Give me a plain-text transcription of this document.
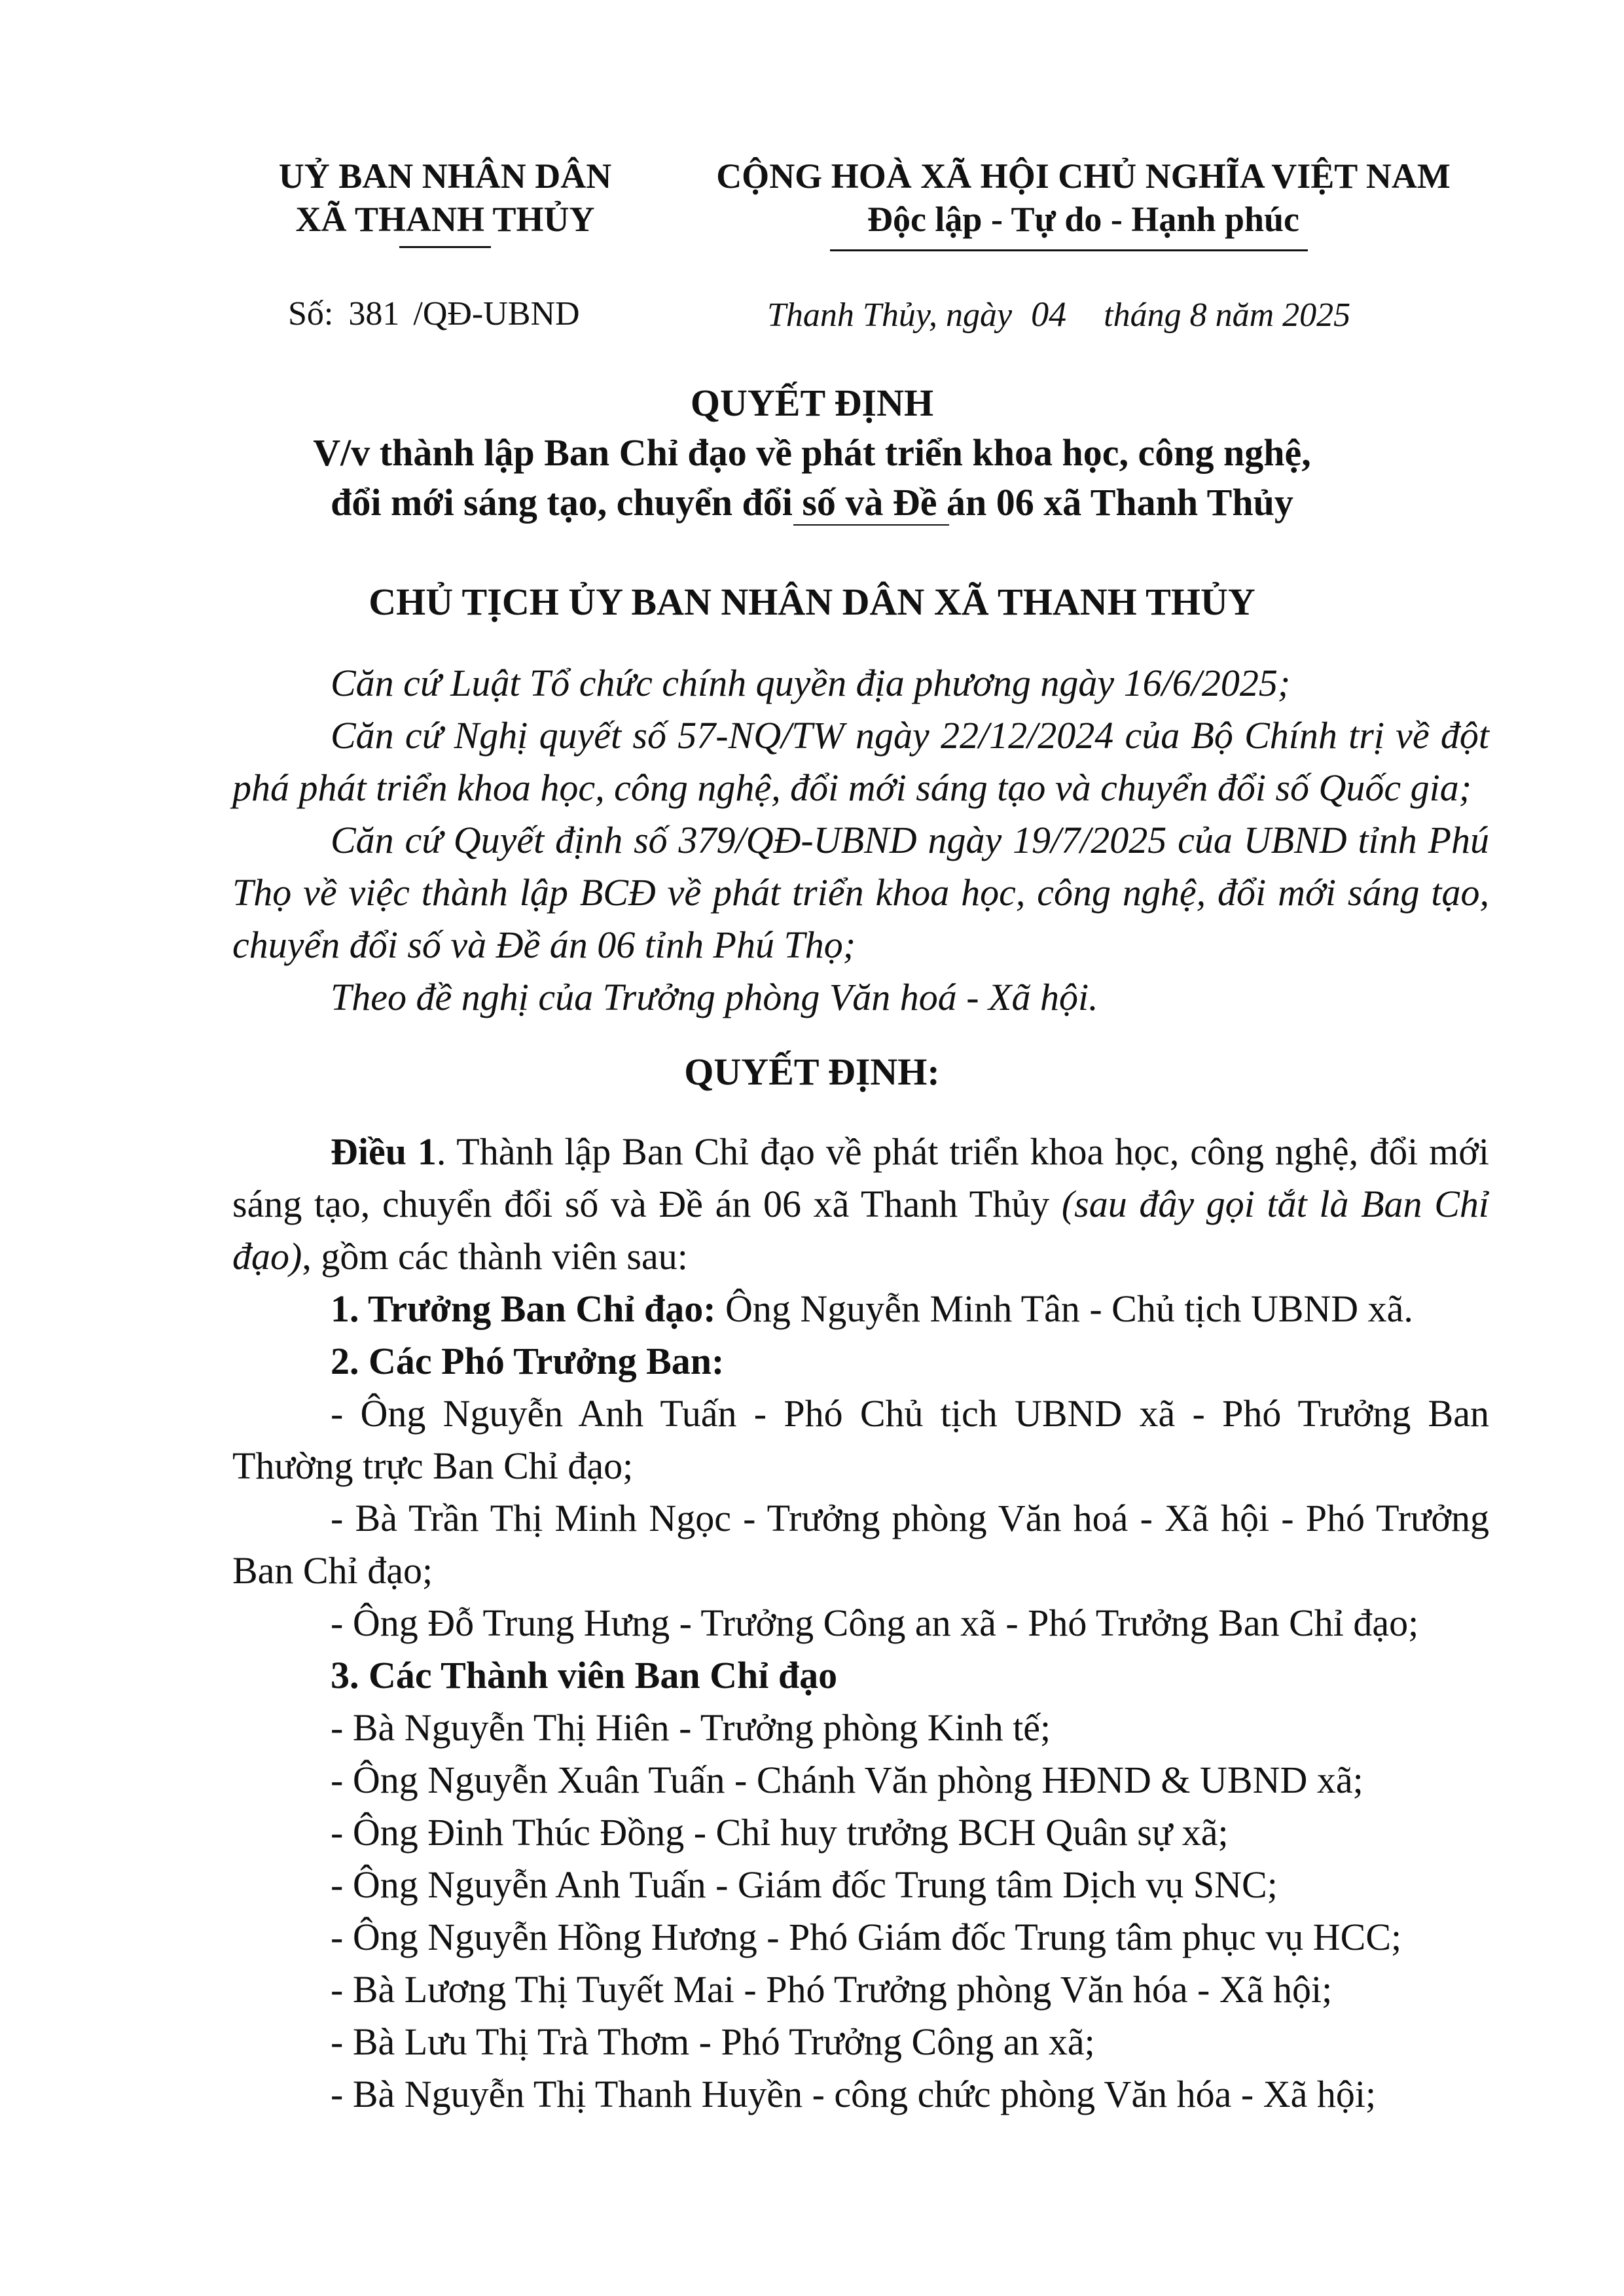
UỶ BAN NHÂN DÂN
XÃ THANH THỦY
CỘNG HOÀ XÃ HỘI CHỦ NGHĨA VIỆT NAM
Độc lập - Tự do - Hạnh phúc
Số: 381 /QĐ-UBND	Thanh Thủy, ngày 04 tháng 8 năm 2025
QUYẾT ĐỊNH
V/v thành lập Ban Chỉ đạo về phát triển khoa học, công nghệ,
đổi mới sáng tạo, chuyển đổi số và Đề án 06 xã Thanh Thủy
CHỦ TỊCH ỦY BAN NHÂN DÂN XÃ THANH THỦY
Căn cứ Luật Tổ chức chính quyền địa phương ngày 16/6/2025;
Căn cứ Nghị quyết số 57-NQ/TW ngày 22/12/2024 của Bộ Chính trị về đột
phá phát triển khoa học, công nghệ, đổi mới sáng tạo và chuyển đổi số Quốc gia;
Căn cứ Quyết định số 379/QĐ-UBND ngày 19/7/2025 của UBND tỉnh Phú
Thọ về việc thành lập BCĐ về phát triển khoa học, công nghệ, đổi mới sáng tạo,
chuyển đổi số và Đề án 06 tỉnh Phú Thọ;
Theo đề nghị của Trưởng phòng Văn hoá - Xã hội.
QUYẾT ĐỊNH:
Điều 1. Thành lập Ban Chỉ đạo về phát triển khoa học, công nghệ, đổi mới
sáng tạo, chuyển đổi số và Đề án 06 xã Thanh Thủy (sau đây gọi tắt là Ban Chỉ
đạo), gồm các thành viên sau:
1. Trưởng Ban Chỉ đạo: Ông Nguyễn Minh Tân - Chủ tịch UBND xã.
2. Các Phó Trưởng Ban:
- Ông Nguyễn Anh Tuấn - Phó Chủ tịch UBND xã - Phó Trưởng Ban
Thường trực Ban Chỉ đạo;
- Bà Trần Thị Minh Ngọc - Trưởng phòng Văn hoá - Xã hội - Phó Trưởng
Ban Chỉ đạo;
- Ông Đỗ Trung Hưng - Trưởng Công an xã - Phó Trưởng Ban Chỉ đạo;
3. Các Thành viên Ban Chỉ đạo
- Bà Nguyễn Thị Hiên - Trưởng phòng Kinh tế;
- Ông Nguyễn Xuân Tuấn - Chánh Văn phòng HĐND & UBND xã;
- Ông Đinh Thúc Đồng - Chỉ huy trưởng BCH Quân sự xã;
- Ông Nguyễn Anh Tuấn - Giám đốc Trung tâm Dịch vụ SNC;
- Ông Nguyễn Hồng Hương - Phó Giám đốc Trung tâm phục vụ HCC;
- Bà Lương Thị Tuyết Mai - Phó Trưởng phòng Văn hóa - Xã hội;
- Bà Lưu Thị Trà Thơm - Phó Trưởng Công an xã;
- Bà Nguyễn Thị Thanh Huyền - công chức phòng Văn hóa - Xã hội;
